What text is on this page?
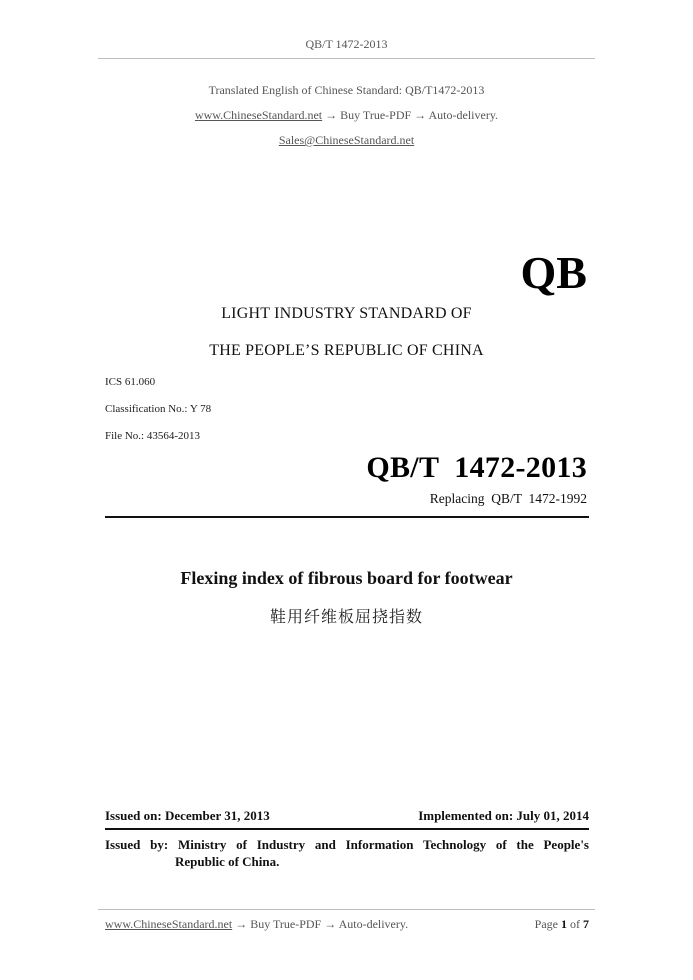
QB/T 1472-2013
Translated English of Chinese Standard: QB/T1472-2013
www.ChineseStandard.net → Buy True-PDF → Auto-delivery.
Sales@ChineseStandard.net
QB
LIGHT INDUSTRY STANDARD OF
THE PEOPLE’S REPUBLIC OF CHINA
ICS 61.060
Classification No.: Y 78
File No.: 43564-2013
QB/T  1472-2013
Replacing  QB/T  1472-1992
Flexing index of fibrous board for footwear
鞋用纤维板屈挠指数
Issued on: December 31, 2013	Implemented on: July 01, 2014
Issued by: Ministry of Industry and Information Technology of the People's
Republic of China.
www.ChineseStandard.net → Buy True-PDF → Auto-delivery.	Page 1 of 7
